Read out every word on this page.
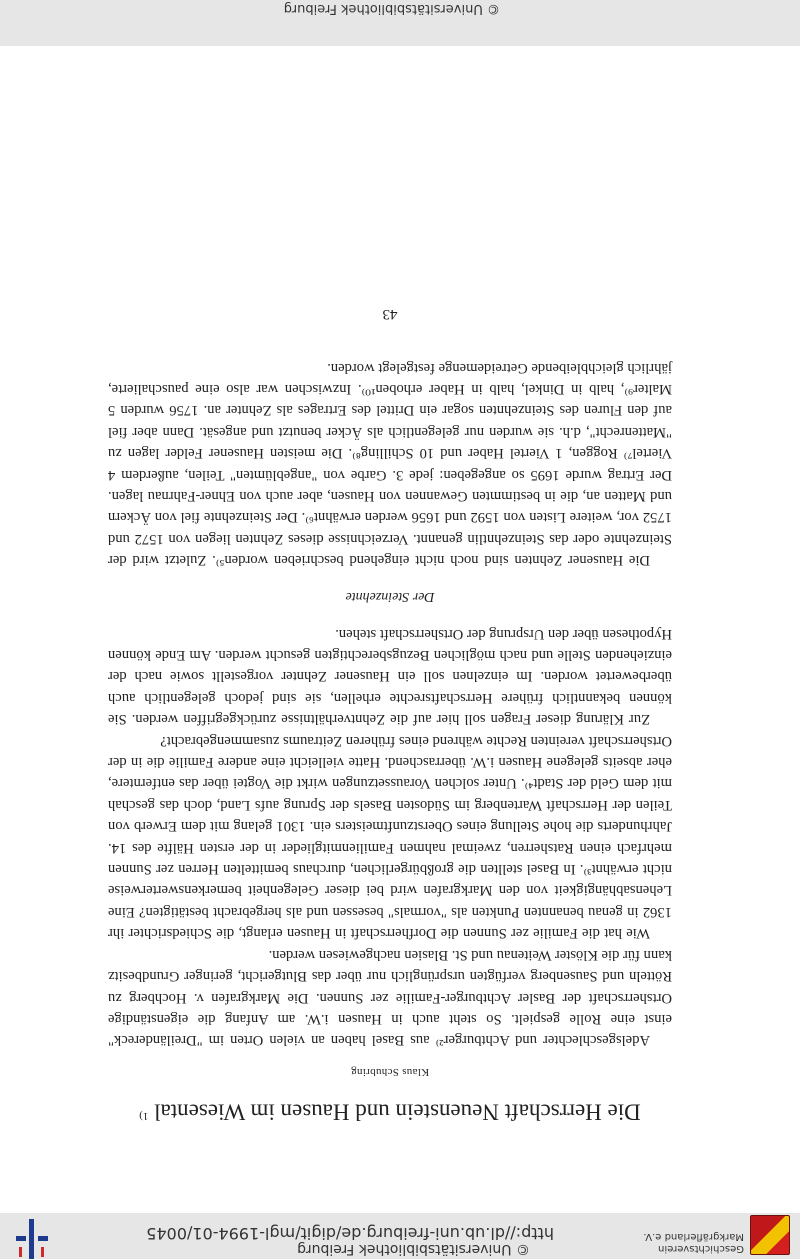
Geschichtsverein
Markgräflerland e.V.
© Universitätsbibliothek Freiburg
http://dl.ub.uni-freiburg.de/digit/mgl-1994-01/0045
Die Herrschaft Neuenstein und Hausen im Wiesental $^{1)}$
Klaus Schubring

Adelsgeschlechter und Achtburger²⁾ aus Basel haben an vielen Orten im "Dreiländereck" einst eine Rolle gespielt. So steht auch in Hausen i.W. am Anfang die eigenständige Ortsherrschaft der Basler Achtburger-Familie zer Sunnen. Die Markgrafen v. Hochberg zu Rötteln und Sausenberg verfügten ursprünglich nur über das Blutgericht, geringer Grundbesitz kann für die Klöster Weitenau und St. Blasien nachgewiesen werden.

Wie hat die Familie zer Sunnen die Dorfherrschaft in Hausen erlangt, die Schiedsrichter ihr 1362 in genau benannten Punkten als "vormals" besessen und als hergebracht bestätigten? Eine Lehensabhängigkeit von den Markgrafen wird bei dieser Gelegenheit bemerkenswerterweise nicht erwähnt³⁾. In Basel stellten die großbürgerlichen, durchaus bemittelten Herren zer Sunnen mehrfach einen Ratsherren, zweimal nahmen Familienmitglieder in der ersten Hälfte des 14. Jahrhunderts die hohe Stellung eines Oberstzunftmeisters ein. 1301 gelang mit dem Erwerb von Teilen der Herrschaft Wartenberg im Südosten Basels der Sprung aufs Land, doch das geschah mit dem Geld der Stadt⁴⁾. Unter solchen Voraussetzungen wirkt die Vogtei über das entferntere, eher abseits gelegene Hausen i.W. überraschend. Hatte vielleicht eine andere Familie die in der Ortsherrschaft vereinten Rechte während eines früheren Zeitraums zusammengebracht?

Zur Klärung dieser Fragen soll hier auf die Zehntverhältnisse zurückgegriffen werden. Sie können bekanntlich frühere Herrschaftsrechte erhellen, sie sind jedoch gelegentlich auch überbewertet worden. Im einzelnen soll ein Hausener Zehnter vorgestellt sowie nach der einziehenden Stelle und nach möglichen Bezugsberechtigten gesucht werden. Am Ende können Hypothesen über den Ursprung der Ortsherrschaft stehen.

Der Steinzehnte

Die Hausener Zehnten sind noch nicht eingehend beschrieben worden⁵⁾. Zuletzt wird der Steinzehnte oder das Steinzehntlin genannt. Verzeichnisse dieses Zehnten liegen von 1572 und 1752 vor, weitere Listen von 1592 und 1656 werden erwähnt⁶⁾. Der Steinzehnte fiel von Äckern und Matten an, die in bestimmten Gewannen von Hausen, aber auch von Ehner-Fahrnau lagen. Der Ertrag wurde 1695 so angegeben: jede 3. Garbe von "angeblümten" Teilen, außerdem 4 Viertel⁷⁾ Roggen, 1 Viertel Haber und 10 Schilling⁸⁾. Die meisten Hausener Felder lagen zu "Mattenrecht", d.h. sie wurden nur gelegentlich als Äcker benutzt und angesät. Dann aber fiel auf den Fluren des Steinzehnten sogar ein Drittel des Ertrages als Zehnter an. 1756 wurden 5 Malter⁹⁾, halb in Dinkel, halb in Haber erhoben¹⁰⁾. Inzwischen war also eine pauschalierte, jährlich gleichbleibende Getreidemenge festgelegt worden.

43
© Universitätsbibliothek Freiburg
